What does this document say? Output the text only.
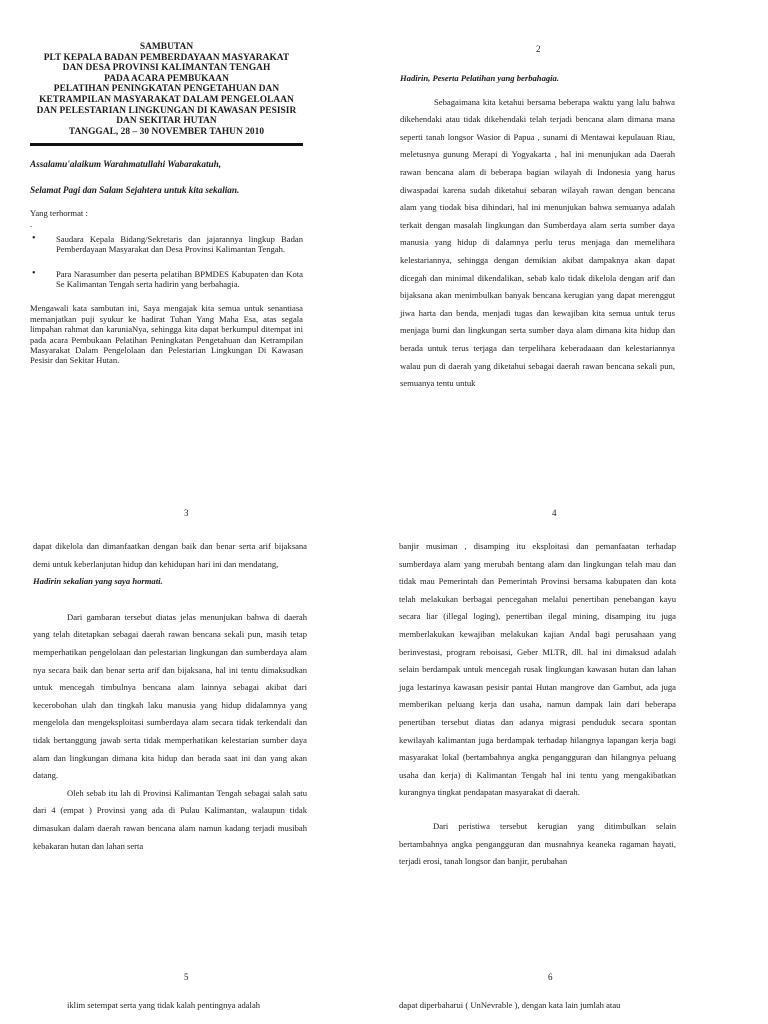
SAMBUTAN
PLT KEPALA BADAN PEMBERDAYAAN MASYARAKAT
DAN DESA PROVINSI KALIMANTAN TENGAH
PADA ACARA PEMBUKAAN
PELATIHAN PENINGKATAN PENGETAHUAN DAN
KETRAMPILAN MASYARAKAT DALAM PENGELOLAAN
DAN PELESTARIAN LINGKUNGAN DI KAWASAN PESISIR
DAN SEKITAR HUTAN
TANGGAL, 28 – 30 NOVEMBER TAHUN 2010
Assalamu'alaikum Warahmatullahi Wabarakatuh,
Selamat Pagi dan Salam Sejahtera untuk kita sekalian.
Yang terhormat :
.
• Saudara Kepala Bidang/Sekretaris dan jajarannya lingkup Badan Pemberdayaan Masyarakat dan Desa Provinsi Kalimantan Tengah.
• Para Narasumber dan peserta pelatihan BPMDES Kabupaten dan Kota Se Kalimantan Tengah serta hadirin yang berbahagia.
Mengawali kata sambutan ini, Saya mengajak kita semua untuk senantiasa memanjatkan puji syukur ke hadirat Tuhan Yang Maha Esa, atas segala limpahan rahmat dan karuniaNya, sehingga kita dapat berkumpul ditempat ini pada acara Pembukaan Pelatihan Peningkatan Pengetahuan dan Ketrampilan Masyarakat Dalam Pengelolaan dan Pelestarian Lingkungan Di Kawasan Pesisir dan Sekitar Hutan.
2

Hadirin, Peserta Pelatihan yang berbahagia.

Sebagaimana kita ketahui bersama beberapa waktu yang lalu bahwa dikehendaki atau tidak dikehendaki telah terjadi bencana alam dimana mana seperti tanah longsor Wasior di Papua , sunami di Mentawai kepulauan Riau, meletusnya gunung Merapi di Yogyakarta , hal ini menunjukan ada Daerah rawan bencana alam di beberapa bagian wilayah di Indonesia yang harus diwaspadai karena sudah diketahui sebaran wilayah rawan dengan bencana alam yang tiodak bisa dihindari, hal ini menunjukan bahwa semuanya adalah terkait dengan masalah lingkungan dan Sumberdaya alam serta sumber daya manusia yang hidup di dalamnya perlu terus menjaga dan memelihara kelestariannya, sehingga dengan demikian akibat dampaknya akan dapat dicegah dan minimal dikendalikan, sebab kalo tidak dikelola dengan arif dan bijaksana akan menimbulkan banyak bencana kerugian yang dapat merenggut jiwa harta dan benda, menjadi tugas dan kewajiban kita semua untuk terus menjaga bumi dan lingkungan serta sumber daya alam dimana kita hidup dan berada untuk terus terjaga dan terpelihara keberadaaan dan kelestariannya walau pun di daerah yang diketahui sebagai daerah rawan bencana sekali pun, semuanya tentu untuk

3

dapat dikelola dan dimanfaatkan dengan baik dan benar serta arif bijaksana demi untuk keberlanjutan hidup dan kehidupan hari ini dan mendatang,

Hadirin sekalian yang saya hormati.

Dari gambaran tersebut diatas jelas menunjukan bahwa di daerah yang telah ditetapkan sebagai daerah rawan bencana sekali pun, masih tetap memperhatikan pengelolaan dan pelestarian lingkungan dan sumberdaya alam nya secara baik dan benar serta arif dan bijaksana, hal ini tentu dimaksudkan untuk mencegah timbulnya bencana alam lainnya sebagai akibat dari kecerobohan ulah dan tingkah laku manusia yang hidup didalamnya yang mengelola dan mengeksploitasi sumberdaya alam secara tidak terkendali dan tidak bertanggung jawab serta tidak memperhatikan kelestarian sumber daya alam dan lingkungan dimana kita hidup dan berada saat ini dan yang akan datang.

Oleh sebab itu lah di Provinsi Kalimantan Tengah sebagai salah satu dari 4 (empat ) Provinsi yang ada di Pulau Kalimantan, walaupun tidak dimasukan dalam daerah rawan bencana alam namun kadang terjadi musibah kebakaran hutan dan lahan serta

4

banjir musiman , disamping itu eksploitasi dan pemanfaatan terhadap sumberdaya alam yang merubah bentang alam dan lingkungan telah mau dan tidak mau Pemerintah dan Pemerintah Provinsi bersama kabupaten dan kota telah melakukan berbagai pencegahan melalui penertiban penebangan kayu secara liar (illegal loging), penertiban ilegal mining, disamping itu juga memberlakukan kewajiban melakukan kajian Andal bagi perusahaan yang berinvestasi, program reboisasi, Geber MLTR, dll. hal ini dimaksud adalah selain berdampak untuk mencegah rusak lingkungan kawasan hutan dan lahan juga lestarinya kawasan pesisir pantai Hutan mangrove dan Gambut, ada juga memberikan peluang kerja dan usaha, namun dampak lain dari beberapa penertiban tersebut diatas dan adanya migrasi penduduk secara spontan kewilayah kalimantan juga berdampak terhadap hilangnya lapangan kerja bagi masyarakat lokal (bertambahnya angka pengangguran dan hilangnya peluang usaha dan kerja) di Kalimantan Tengah hal ini tentu yang mengakibatkan kurangnya tingkat pendapatan masyarakat di daerah.

Dari peristiwa tersebut kerugian yang ditimbulkan selain bertambahnya angka pengangguran dan musnahnya keaneka ragaman hayati, terjadi erosi, tanah longsor dan banjir, perubahan

5

iklim setempat serta yang tidak kalah pentingnya adalah

6

dapat diperbaharui ( UnNevrable ), dengan kata lain jumlah atau
